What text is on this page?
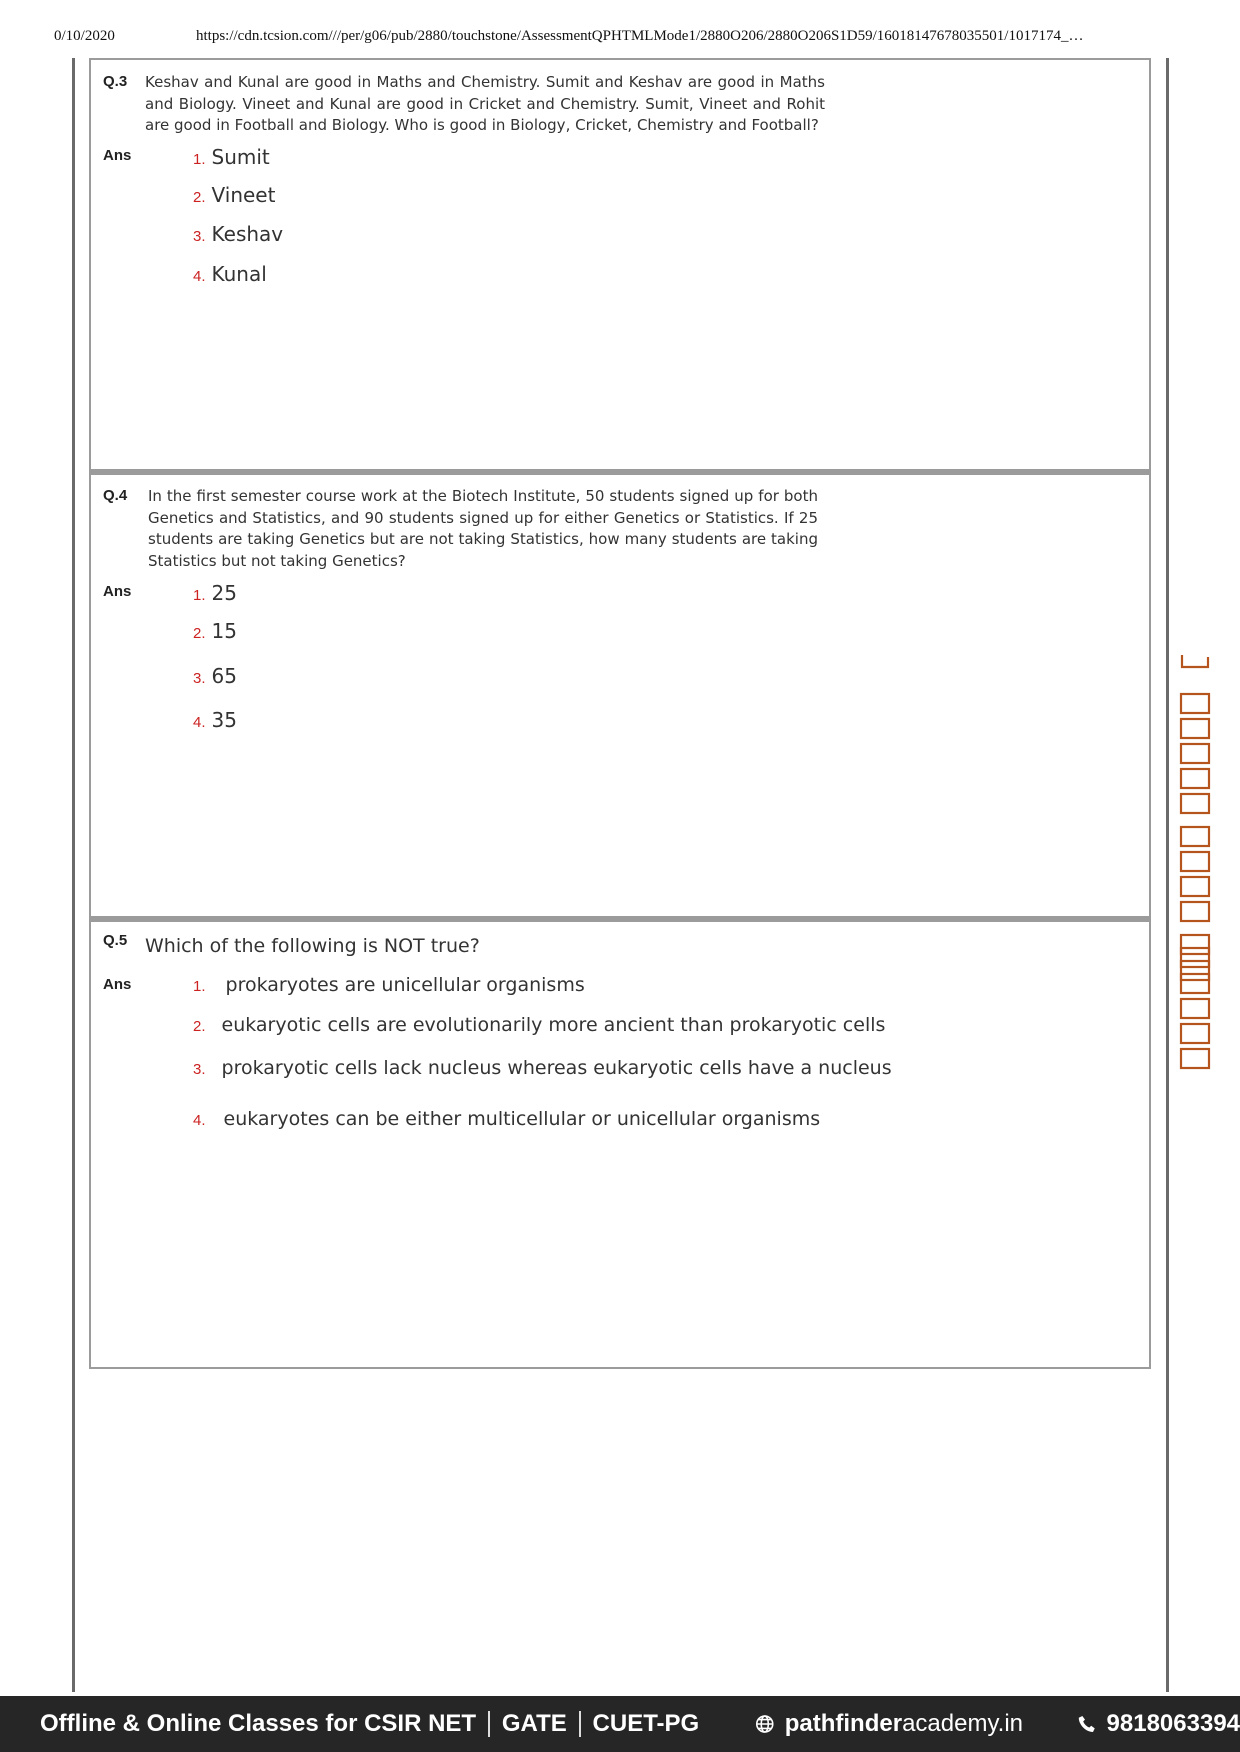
0/10/2020	https://cdn.tcsion.com///per/g06/pub/2880/touchstone/AssessmentQPHTMLMode1/2880O206/2880O206S1D59/16018147678035501/1017174_…
Q.3 Keshav and Kunal are good in Maths and Chemistry. Sumit and Keshav are good in Maths and Biology. Vineet and Kunal are good in Cricket and Chemistry. Sumit, Vineet and Rohit are good in Football and Biology. Who is good in Biology, Cricket, Chemistry and Football?
Ans	1. Sumit
2. Vineet
3. Keshav
4. Kunal
Q.4 In the first semester course work at the Biotech Institute, 50 students signed up for both Genetics and Statistics, and 90 students signed up for either Genetics or Statistics. If 25 students are taking Genetics but are not taking Statistics, how many students are taking Statistics but not taking Genetics?
Ans	1. 25
2. 15
3. 65
4. 35
Q.5 Which of the following is NOT true?
Ans	1. prokaryotes are unicellular organisms
2. eukaryotic cells are evolutionarily more ancient than prokaryotic cells
3. prokaryotic cells lack nucleus whereas eukaryotic cells have a nucleus
4. eukaryotes can be either multicellular or unicellular organisms
Offline & Online Classes for CSIR NET GATE CUET-PG	pathfinderacademy.in	9818063394
